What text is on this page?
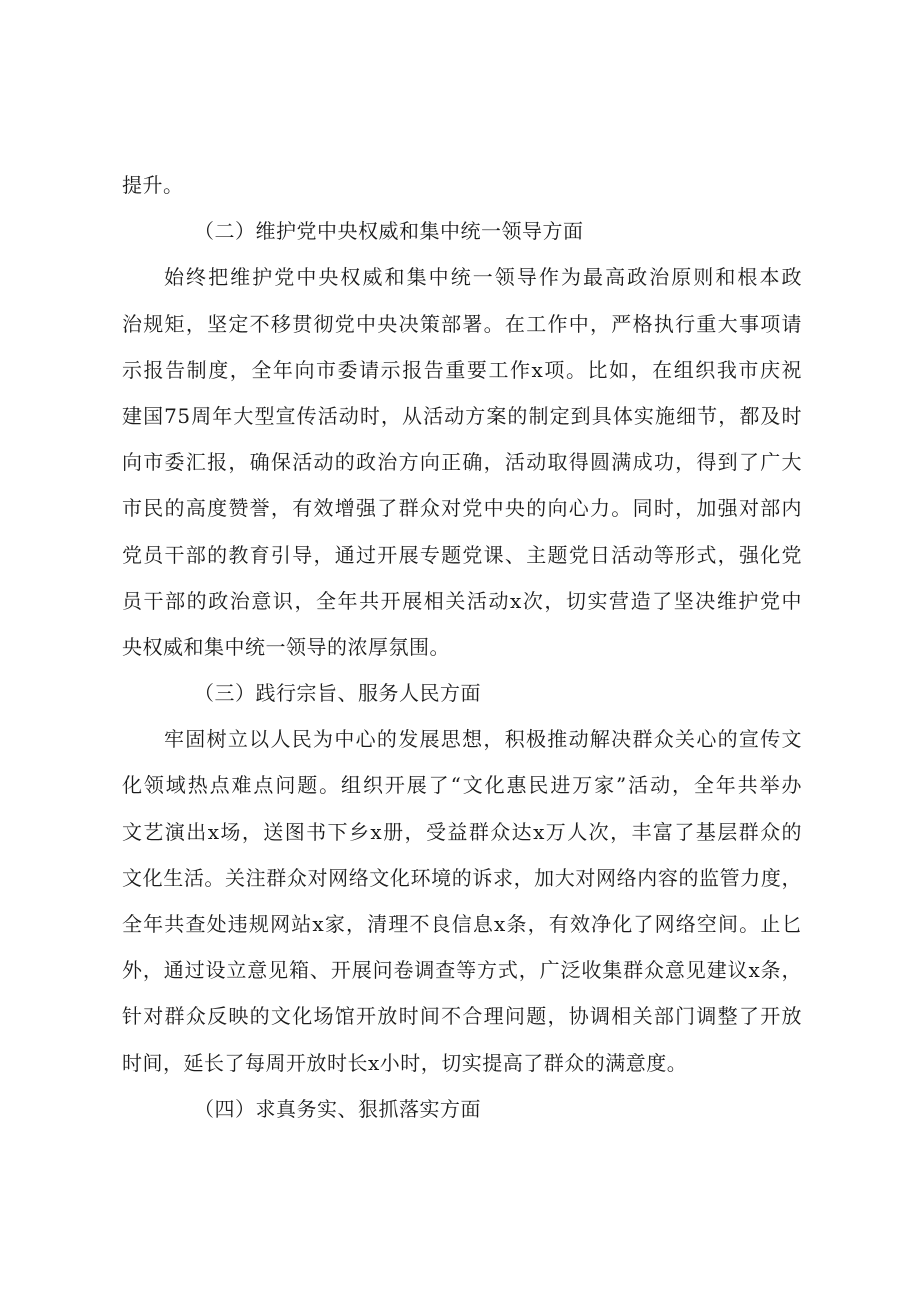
提升。
（二）维护党中央权威和集中统一领导方面
始终把维护党中央权威和集中统一领导作为最高政治原则和根本政
治规矩，坚定不移贯彻党中央决策部署。在工作中，严格执行重大事项请
示报告制度，全年向市委请示报告重要工作x项。比如，在组织我市庆祝
建国75周年大型宣传活动时，从活动方案的制定到具体实施细节，都及时
向市委汇报，确保活动的政治方向正确，活动取得圆满成功，得到了广大
市民的高度赞誉，有效增强了群众对党中央的向心力。同时，加强对部内
党员干部的教育引导，通过开展专题党课、主题党日活动等形式，强化党
员干部的政治意识，全年共开展相关活动x次，切实营造了坚决维护党中
央权威和集中统一领导的浓厚氛围。
（三）践行宗旨、服务人民方面
牢固树立以人民为中心的发展思想，积极推动解决群众关心的宣传文
化领域热点难点问题。组织开展了“文化惠民进万家”活动，全年共举办
文艺演出x场，送图书下乡x册，受益群众达x万人次，丰富了基层群众的
文化生活。关注群众对网络文化环境的诉求，加大对网络内容的监管力度，
全年共查处违规网站x家，清理不良信息x条，有效净化了网络空间。止匕
外，通过设立意见箱、开展问卷调查等方式，广泛收集群众意见建议x条，
针对群众反映的文化场馆开放时间不合理问题，协调相关部门调整了开放
时间，延长了每周开放时长x小时，切实提高了群众的满意度。
（四）求真务实、狠抓落实方面
